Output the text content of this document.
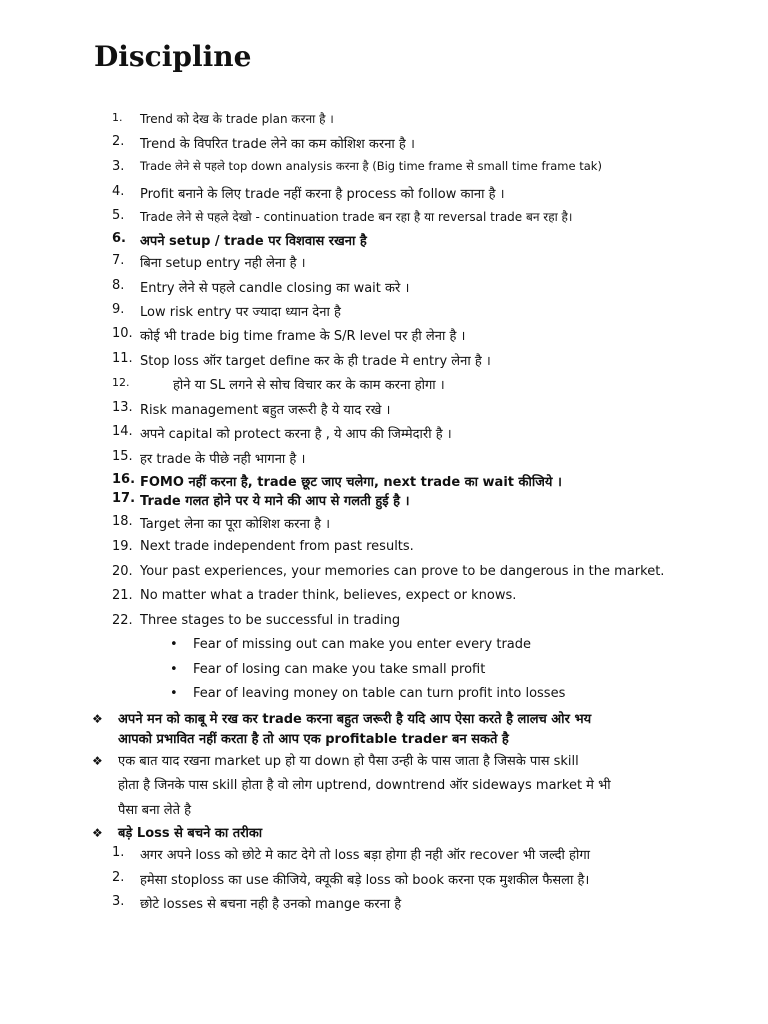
Discipline
1. Trend को देख के trade plan करना है ।
2. Trend के विपरित trade लेने का कम कोशिश करना है ।
3. Trade लेने से पहले top down analysis करना है (Big time frame से small time frame tak)
4. Profit बनाने के लिए trade नहीं करना है process को follow काना है ।
5. Trade लेने से पहले देखो - continuation trade बन रहा है या reversal trade बन रहा है।
6. अपने setup / trade पर विशवास रखना है
7. बिना setup entry नही लेना है ।
8. Entry लेने से पहले candle closing का wait करे ।
9. Low risk entry पर ज्यादा ध्यान देना है
10. कोई भी trade big time frame के S/R level पर ही लेना है ।
11. Stop loss ऑर target define कर के ही trade मे entry लेना है ।
12.	होने या SL लगने से सोच विचार कर के काम करना होगा ।
13. Risk management बहुत जरूरी है ये याद रखे ।
14. अपने capital को protect करना है , ये आप की जिम्मेदारी है ।
15. हर trade के पीछे नही भागना है ।
16. FOMO नहीं करना है, trade छूट जाए चलेगा, next trade का wait कीजिये ।
17. Trade गलत होने पर ये माने की आप से गलती हुई है ।
18. Target लेना का पूरा कोशिश करना है ।
19. Next trade independent from past results.
20. Your past experiences, your memories can prove to be dangerous in the market.
21. No matter what a trader think, believes, expect or knows.
22. Three stages to be successful in trading
• Fear of missing out can make you enter every trade
• Fear of losing can make you take small profit
• Fear of leaving money on table can turn profit into losses
❖ अपने मन को काबू मे रख कर trade करना बहुत जरूरी है यदि आप ऐसा करते है लालच ओर भय
आपको प्रभावित नहीं करता है तो आप एक profitable trader बन सकते है
❖ एक बात याद रखना market up हो या down हो पैसा उन्ही के पास जाता है जिसके पास skill
होता है जिनके पास skill होता है वो लोग uptrend, downtrend ऑर sideways market मे भी
पैसा बना लेते है
❖ बड़े Loss से बचने का तरीका
1. अगर अपने loss को छोटे मे काट देगे तो loss बड़ा होगा ही नही ऑर recover भी जल्दी होगा
2. हमेसा stoploss का use कीजिये, क्यूकी बड़े loss को book करना एक मुशकील फैसला है।
3. छोटे losses से बचना नही है उनको mange करना है
